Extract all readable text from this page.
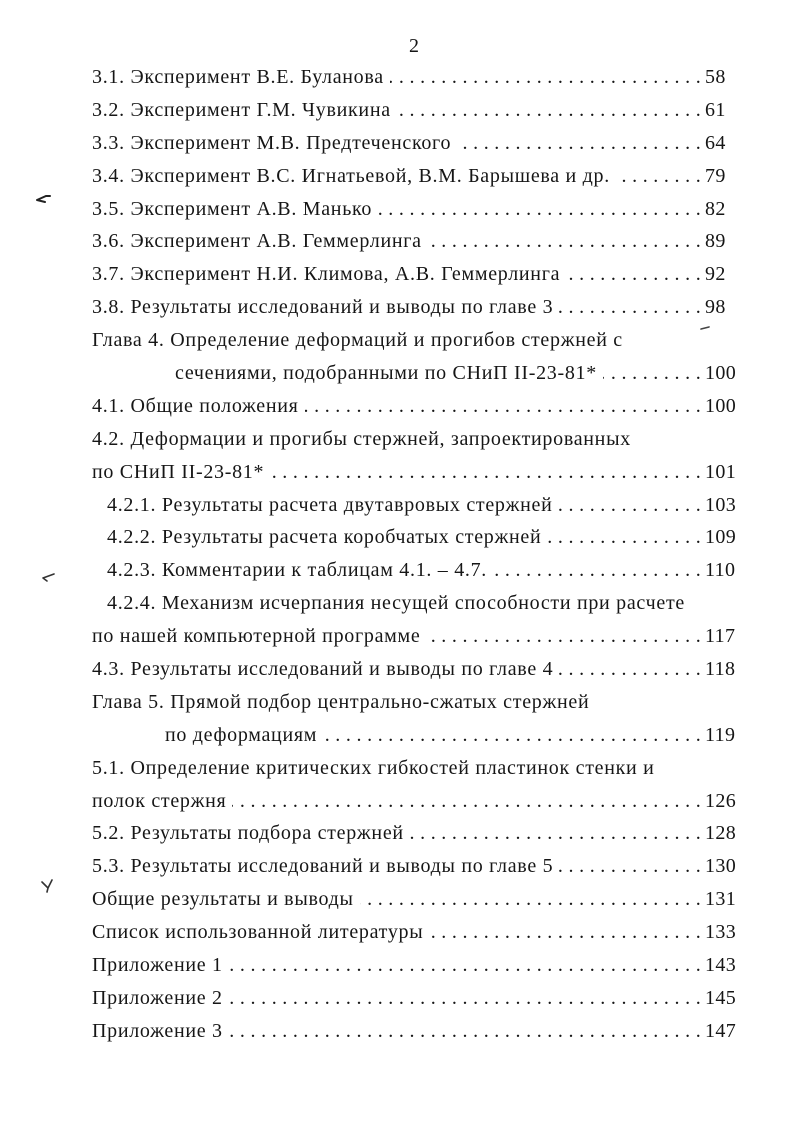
2
3.1. Эксперимент В.Е. Буланова . . .	58
3.2. Эксперимент Г.М. Чувикина . . .	61
3.3. Эксперимент М.В. Предтеченского . . .	64
3.4. Эксперимент В.С. Игнатьевой, В.М. Барышева и др. . . .	79
3.5. Эксперимент А.В. Манько . . .	82
3.6. Эксперимент А.В. Геммерлинга . . .	89
3.7. Эксперимент Н.И. Климова, А.В. Геммерлинга . . .	92
3.8. Результаты исследований и выводы по главе 3 . . .	98
Глава 4. Определение деформаций и прогибов стержней с
сечениями, подобранными по СНиП II-23-81* . . .	100
4.1. Общие положения . . .	100
4.2. Деформации и прогибы стержней, запроектированных
по СНиП II-23-81* . . .	101
4.2.1. Результаты расчета двутавровых стержней . . .	103
4.2.2. Результаты расчета коробчатых стержней . . .	109
4.2.3. Комментарии к таблицам 4.1. – 4.7. . . .	110
4.2.4. Механизм исчерпания несущей способности при расчете
по нашей компьютерной программе . . .	117
4.3. Результаты исследований и выводы по главе 4 . . .	118
Глава 5. Прямой подбор центрально-сжатых стержней
по деформациям . . .	119
5.1. Определение критических гибкостей пластинок стенки и
полок стержня . . .	126
5.2. Результаты подбора стержней . . .	128
5.3. Результаты исследований и выводы по главе 5 . . .	130
Общие результаты и выводы . . .	131
Список использованной литературы . . .	133
Приложение 1 . . .	143
Приложение 2 . . .	145
Приложение 3 . . .	147
